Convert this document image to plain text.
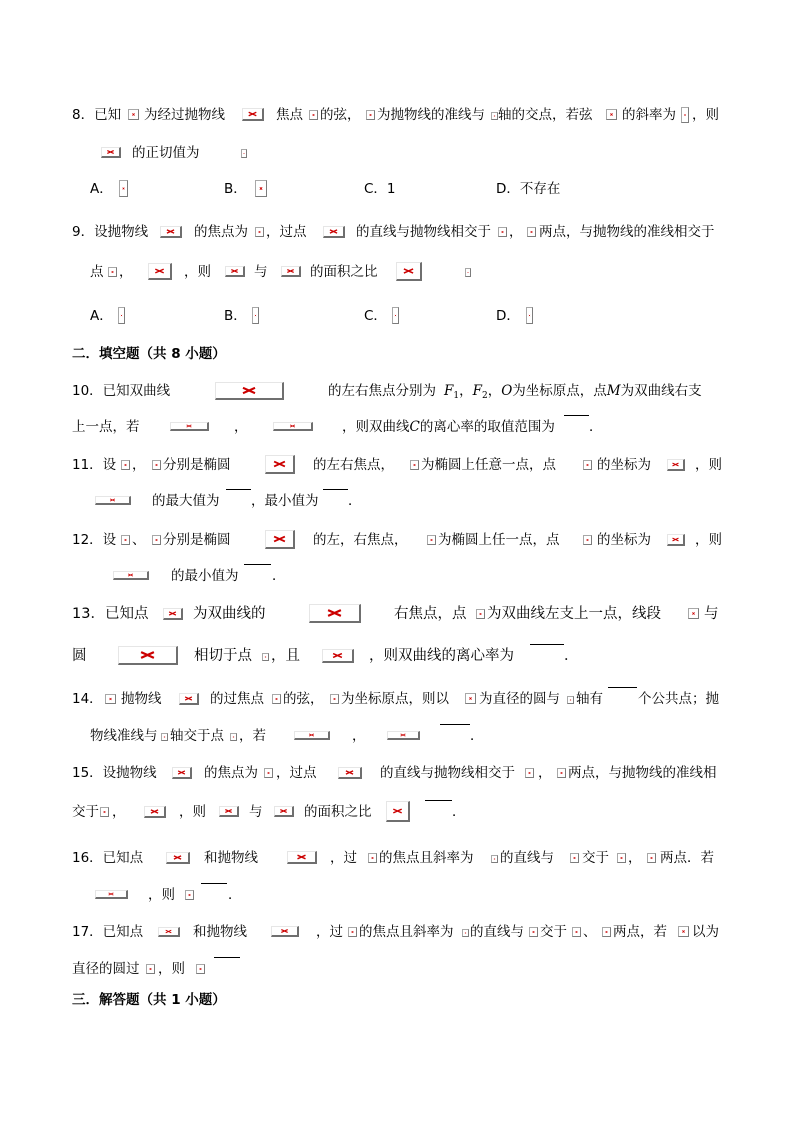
8．已知 为经过抛物线	焦点 的弦， 为抛物线的准线与 轴的交点，若弦 的斜率为 ，则
的正切值为
A．	B．	C．1	D．不存在
9．设抛物线	的焦点为 ，过点	的直线与抛物线相交于 ， 两点，与抛物线的准线相交于
点 ，	，则	与	的面积之比
A．	B．	C．	D．
二．填空题（共 8 小题）
10．已知双曲线	的左右焦点分别为 $F_1$，$F_2$，O为坐标原点，点M为双曲线右支
上一点，若	，	，则双曲线C的离心率的取值范围为	．
11．设 ， 分别是椭圆	的左右焦点， 为椭圆上任意一点，点	的坐标为	，则
的最大值为 ，最小值为 ．
12．设 、 分别是椭圆	的左，右焦点， 为椭圆上任一点，点	的坐标为	，则
的最小值为 ．
13．已知点	为双曲线的	右焦点，点 为双曲线左支上一点，线段	与
圆	相切于点 ，且	，则双曲线的离心率为	．
14． 抛物线	的过焦点 的弦， 为坐标原点，则以 为直径的圆与 轴有	个公共点；抛
物线准线与 轴交于点 ，若	，	．
15．设抛物线	的焦点为 ，过点	的直线与抛物线相交于 ， 两点，与抛物线的准线相
交于 ，	，则	与	的面积之比	．
16．已知点	和抛物线	，过 的焦点且斜率为 的直线与 交于 ， 两点．若
，则	．
17．已知点	和抛物线	，过 的焦点且斜率为 的直线与 交于 、 两点，若 以为
直径的圆过 ，则
三．解答题（共 1 小题）
